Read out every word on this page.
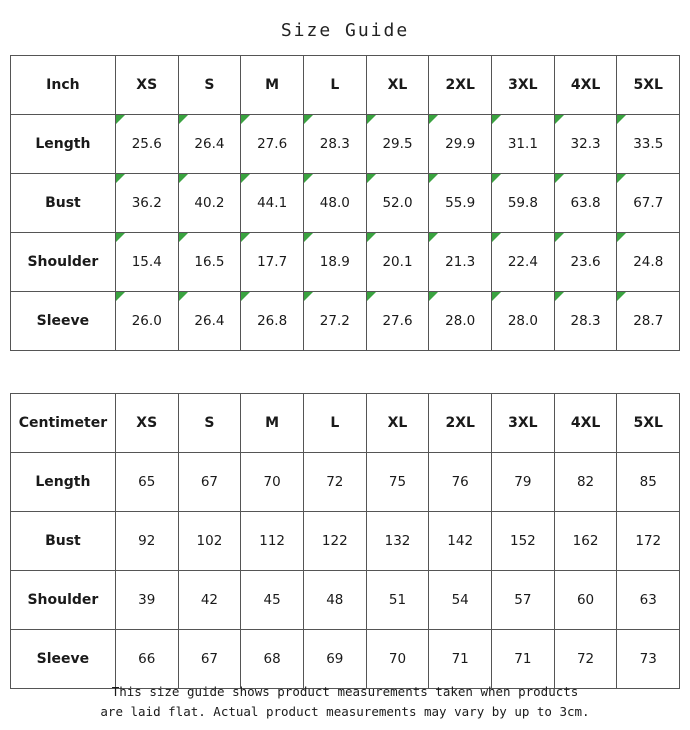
Size Guide
Inch	XS	S	M	L	XL	2XL	3XL	4XL	5XL
Length	25.6	26.4	27.6	28.3	29.5	29.9	31.1	32.3	33.5
Bust	36.2	40.2	44.1	48.0	52.0	55.9	59.8	63.8	67.7
Shoulder	15.4	16.5	17.7	18.9	20.1	21.3	22.4	23.6	24.8
Sleeve	26.0	26.4	26.8	27.2	27.6	28.0	28.0	28.3	28.7
Centimeter	XS	S	M	L	XL	2XL	3XL	4XL	5XL
Length	65	67	70	72	75	76	79	82	85
Bust	92	102	112	122	132	142	152	162	172
Shoulder	39	42	45	48	51	54	57	60	63
Sleeve	66	67	68	69	70	71	71	72	73
This size guide shows product measurements taken when products
are laid flat. Actual product measurements may vary by up to 3cm.
